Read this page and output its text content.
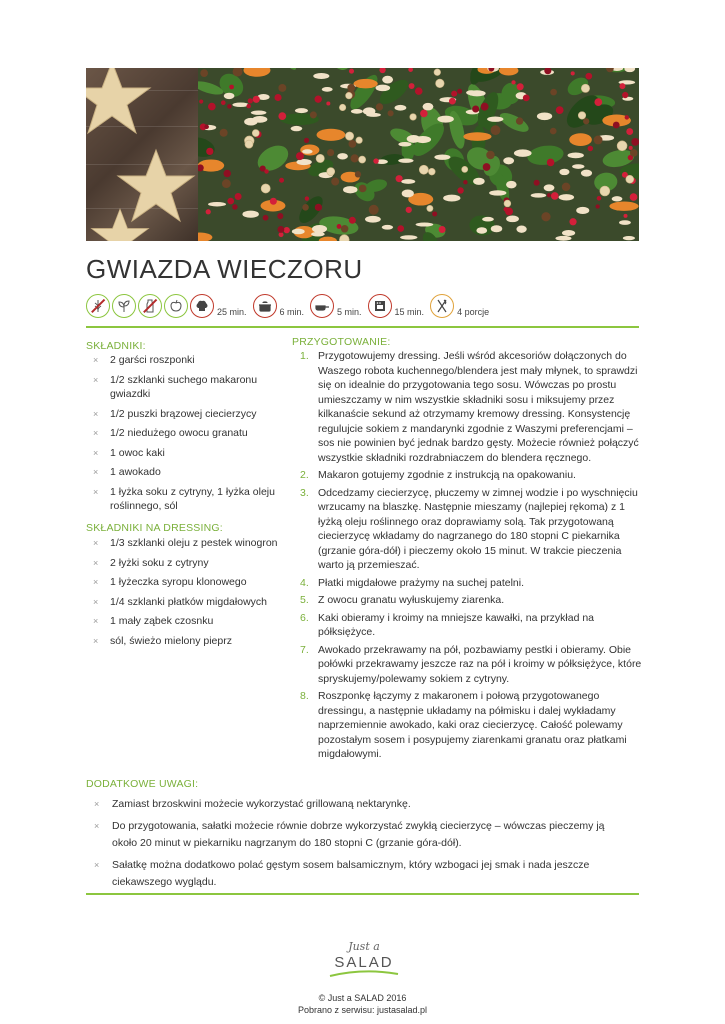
GWIAZDA WIECZORU
25 min.	6 min.	5 min.	15 min.	4 porcje
SKŁADNIKI:
× 2 garści roszponki
× 1/2 szklanki suchego makaronu gwiazdki
× 1/2 puszki brązowej ciecierzycy
× 1/2 niedużego owocu granatu
× 1 owoc kaki
× 1 awokado
× 1 łyżka soku z cytryny, 1 łyżka oleju roślinnego, sól
SKŁADNIKI NA DRESSING:
× 1/3 szklanki oleju z pestek winogron
× 2 łyżki soku z cytryny
× 1 łyżeczka syropu klonowego
× 1/4 szklanki płatków migdałowych
× 1 mały ząbek czosnku
× sól, świeżo mielony pieprz
PRZYGOTOWANIE:
1. Przygotowujemy dressing. Jeśli wśród akcesoriów dołączonych do Waszego robota kuchennego/blendera jest mały młynek, to sprawdzi się on idealnie do przygotowania tego sosu. Wówczas po prostu umieszczamy w nim wszystkie składniki sosu i miksujemy przez kilkanaście sekund aż otrzymamy kremowy dressing. Konsystencję regulujcie sokiem z mandarynki zgodnie z Waszymi preferencjami – sos nie powinien być jednak bardzo gęsty. Możecie również połączyć wszystkie składniki rozdrabniaczem do blendera ręcznego.
2. Makaron gotujemy zgodnie z instrukcją na opakowaniu.
3. Odcedzamy ciecierzycę, płuczemy w zimnej wodzie i po wyschnięciu wrzucamy na blaszkę. Następnie mieszamy (najlepiej rękoma) z 1 łyżką oleju roślinnego oraz doprawiamy solą. Tak przygotowaną ciecierzycę wkładamy do nagrzanego do 180 stopni C piekarnika (grzanie góra-dół) i pieczemy około 15 minut. W trakcie pieczenia warto ją przemieszać.
4. Płatki migdałowe prażymy na suchej patelni.
5. Z owocu granatu wyłuskujemy ziarenka.
6. Kaki obieramy i kroimy na mniejsze kawałki, na przykład na półksiężyce.
7. Awokado przekrawamy na pół, pozbawiamy pestki i obieramy. Obie połówki przekrawamy jeszcze raz na pół i kroimy w półksiężyce, które spryskujemy/polewamy sokiem z cytryny.
8. Roszponkę łączymy z makaronem i połową przygotowanego dressingu, a następnie układamy na półmisku i dalej wykładamy naprzemiennie awokado, kaki oraz ciecierzycę. Całość polewamy pozostałym sosem i posypujemy ziarenkami granatu oraz płatkami migdałowymi.
DODATKOWE UWAGI:
× Zamiast brzoskwini możecie wykorzystać grillowaną nektarynkę.
× Do przygotowania, sałatki możecie równie dobrze wykorzystać zwykłą ciecierzycę – wówczas pieczemy ją około 20 minut w piekarniku nagrzanym do 180 stopni C (grzanie góra-dół).
× Sałatkę można dodatkowo polać gęstym sosem balsamicznym, który wzbogaci jej smak i nada jeszcze ciekawszego wyglądu.
Just a
SALAD
© Just a SALAD 2016
Pobrano z serwisu: justasalad.pl
